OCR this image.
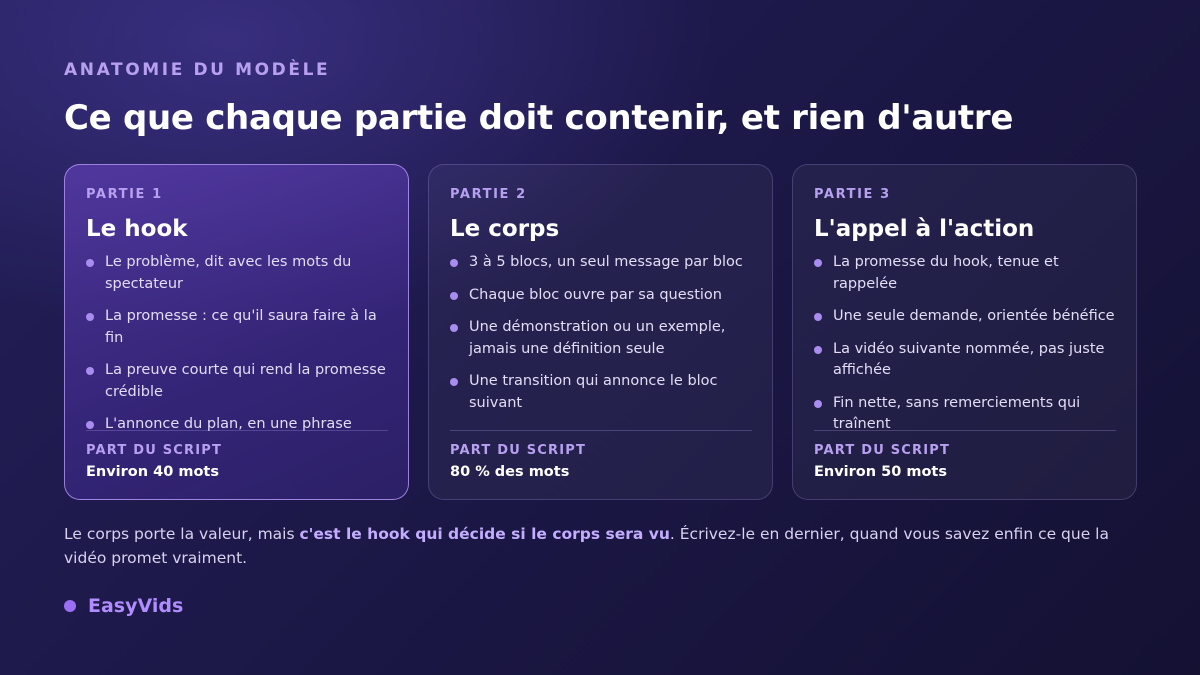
ANATOMIE DU MODÈLE
Ce que chaque partie doit contenir, et rien d'autre
PARTIE 1
Le hook
Le problème, dit avec les mots du spectateur
La promesse : ce qu'il saura faire à la fin
La preuve courte qui rend la promesse crédible
L'annonce du plan, en une phrase
PART DU SCRIPT
Environ 40 mots
PARTIE 2
Le corps
3 à 5 blocs, un seul message par bloc
Chaque bloc ouvre par sa question
Une démonstration ou un exemple, jamais une définition seule
Une transition qui annonce le bloc suivant
PART DU SCRIPT
80 % des mots
PARTIE 3
L'appel à l'action
La promesse du hook, tenue et rappelée
Une seule demande, orientée bénéfice
La vidéo suivante nommée, pas juste affichée
Fin nette, sans remerciements qui traînent
PART DU SCRIPT
Environ 50 mots

Le corps porte la valeur, mais c'est le hook qui décide si le corps sera vu. Écrivez-le en dernier, quand vous savez enfin ce que la vidéo promet vraiment.

EasyVids
